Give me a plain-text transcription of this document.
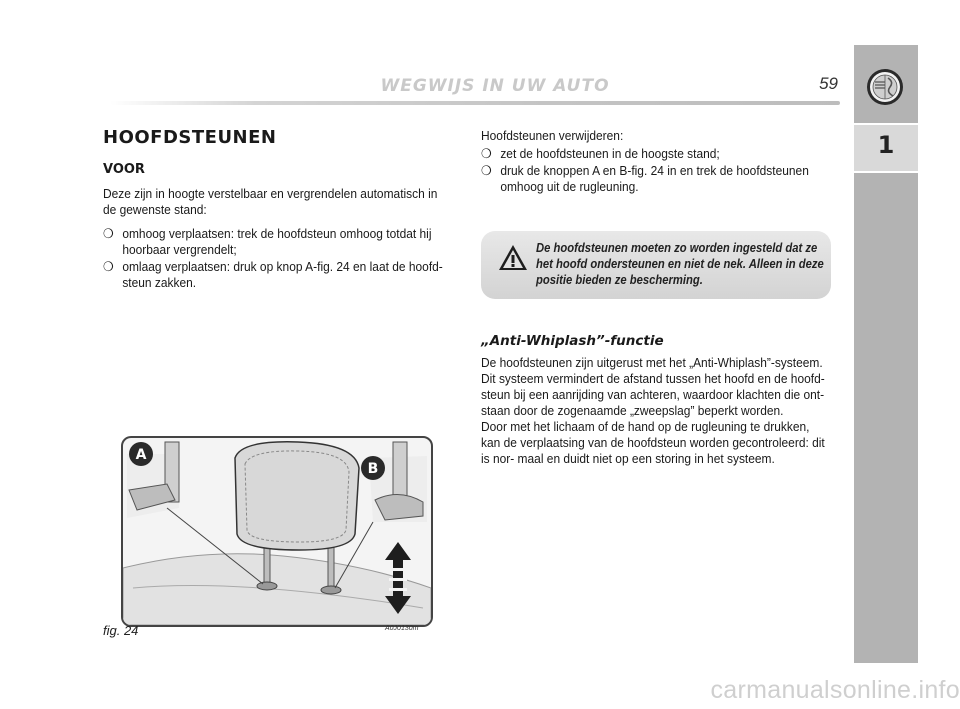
WEGWIJS IN UW AUTO	59
1
HOOFDSTEUNEN
VOOR
Deze zijn in hoogte verstelbaar en vergrendelen automatisch in de gewenste stand:
❍ omhoog verplaatsen: trek de hoofdsteun omhoog totdat hij hoorbaar vergrendelt;
❍ omlaag verplaatsen: druk op knop A-fig. 24 en laat de hoofd- steun zakken.
A
B
fig. 24	A0J0130m
Hoofdsteunen verwijderen:
❍ zet de hoofdsteunen in de hoogste stand;
❍ druk de knoppen A en B-fig. 24 in en trek de hoofdsteunen omhoog uit de rugleuning.
De hoofdsteunen moeten zo worden ingesteld dat ze het hoofd ondersteunen en niet de nek. Alleen in deze positie bieden ze bescherming.
„Anti-Whiplash”-functie
De hoofdsteunen zijn uitgerust met het „Anti-Whiplash”-systeem. Dit systeem vermindert de afstand tussen het hoofd en de hoofd- steun bij een aanrijding van achteren, waardoor klachten die ont- staan door de zogenaamde „zweepslag” beperkt worden.
Door met het lichaam of de hand op de rugleuning te drukken, kan de verplaatsing van de hoofdsteun worden gecontroleerd: dit is nor- maal en duidt niet op een storing in het systeem.
carmanualsonline.info
